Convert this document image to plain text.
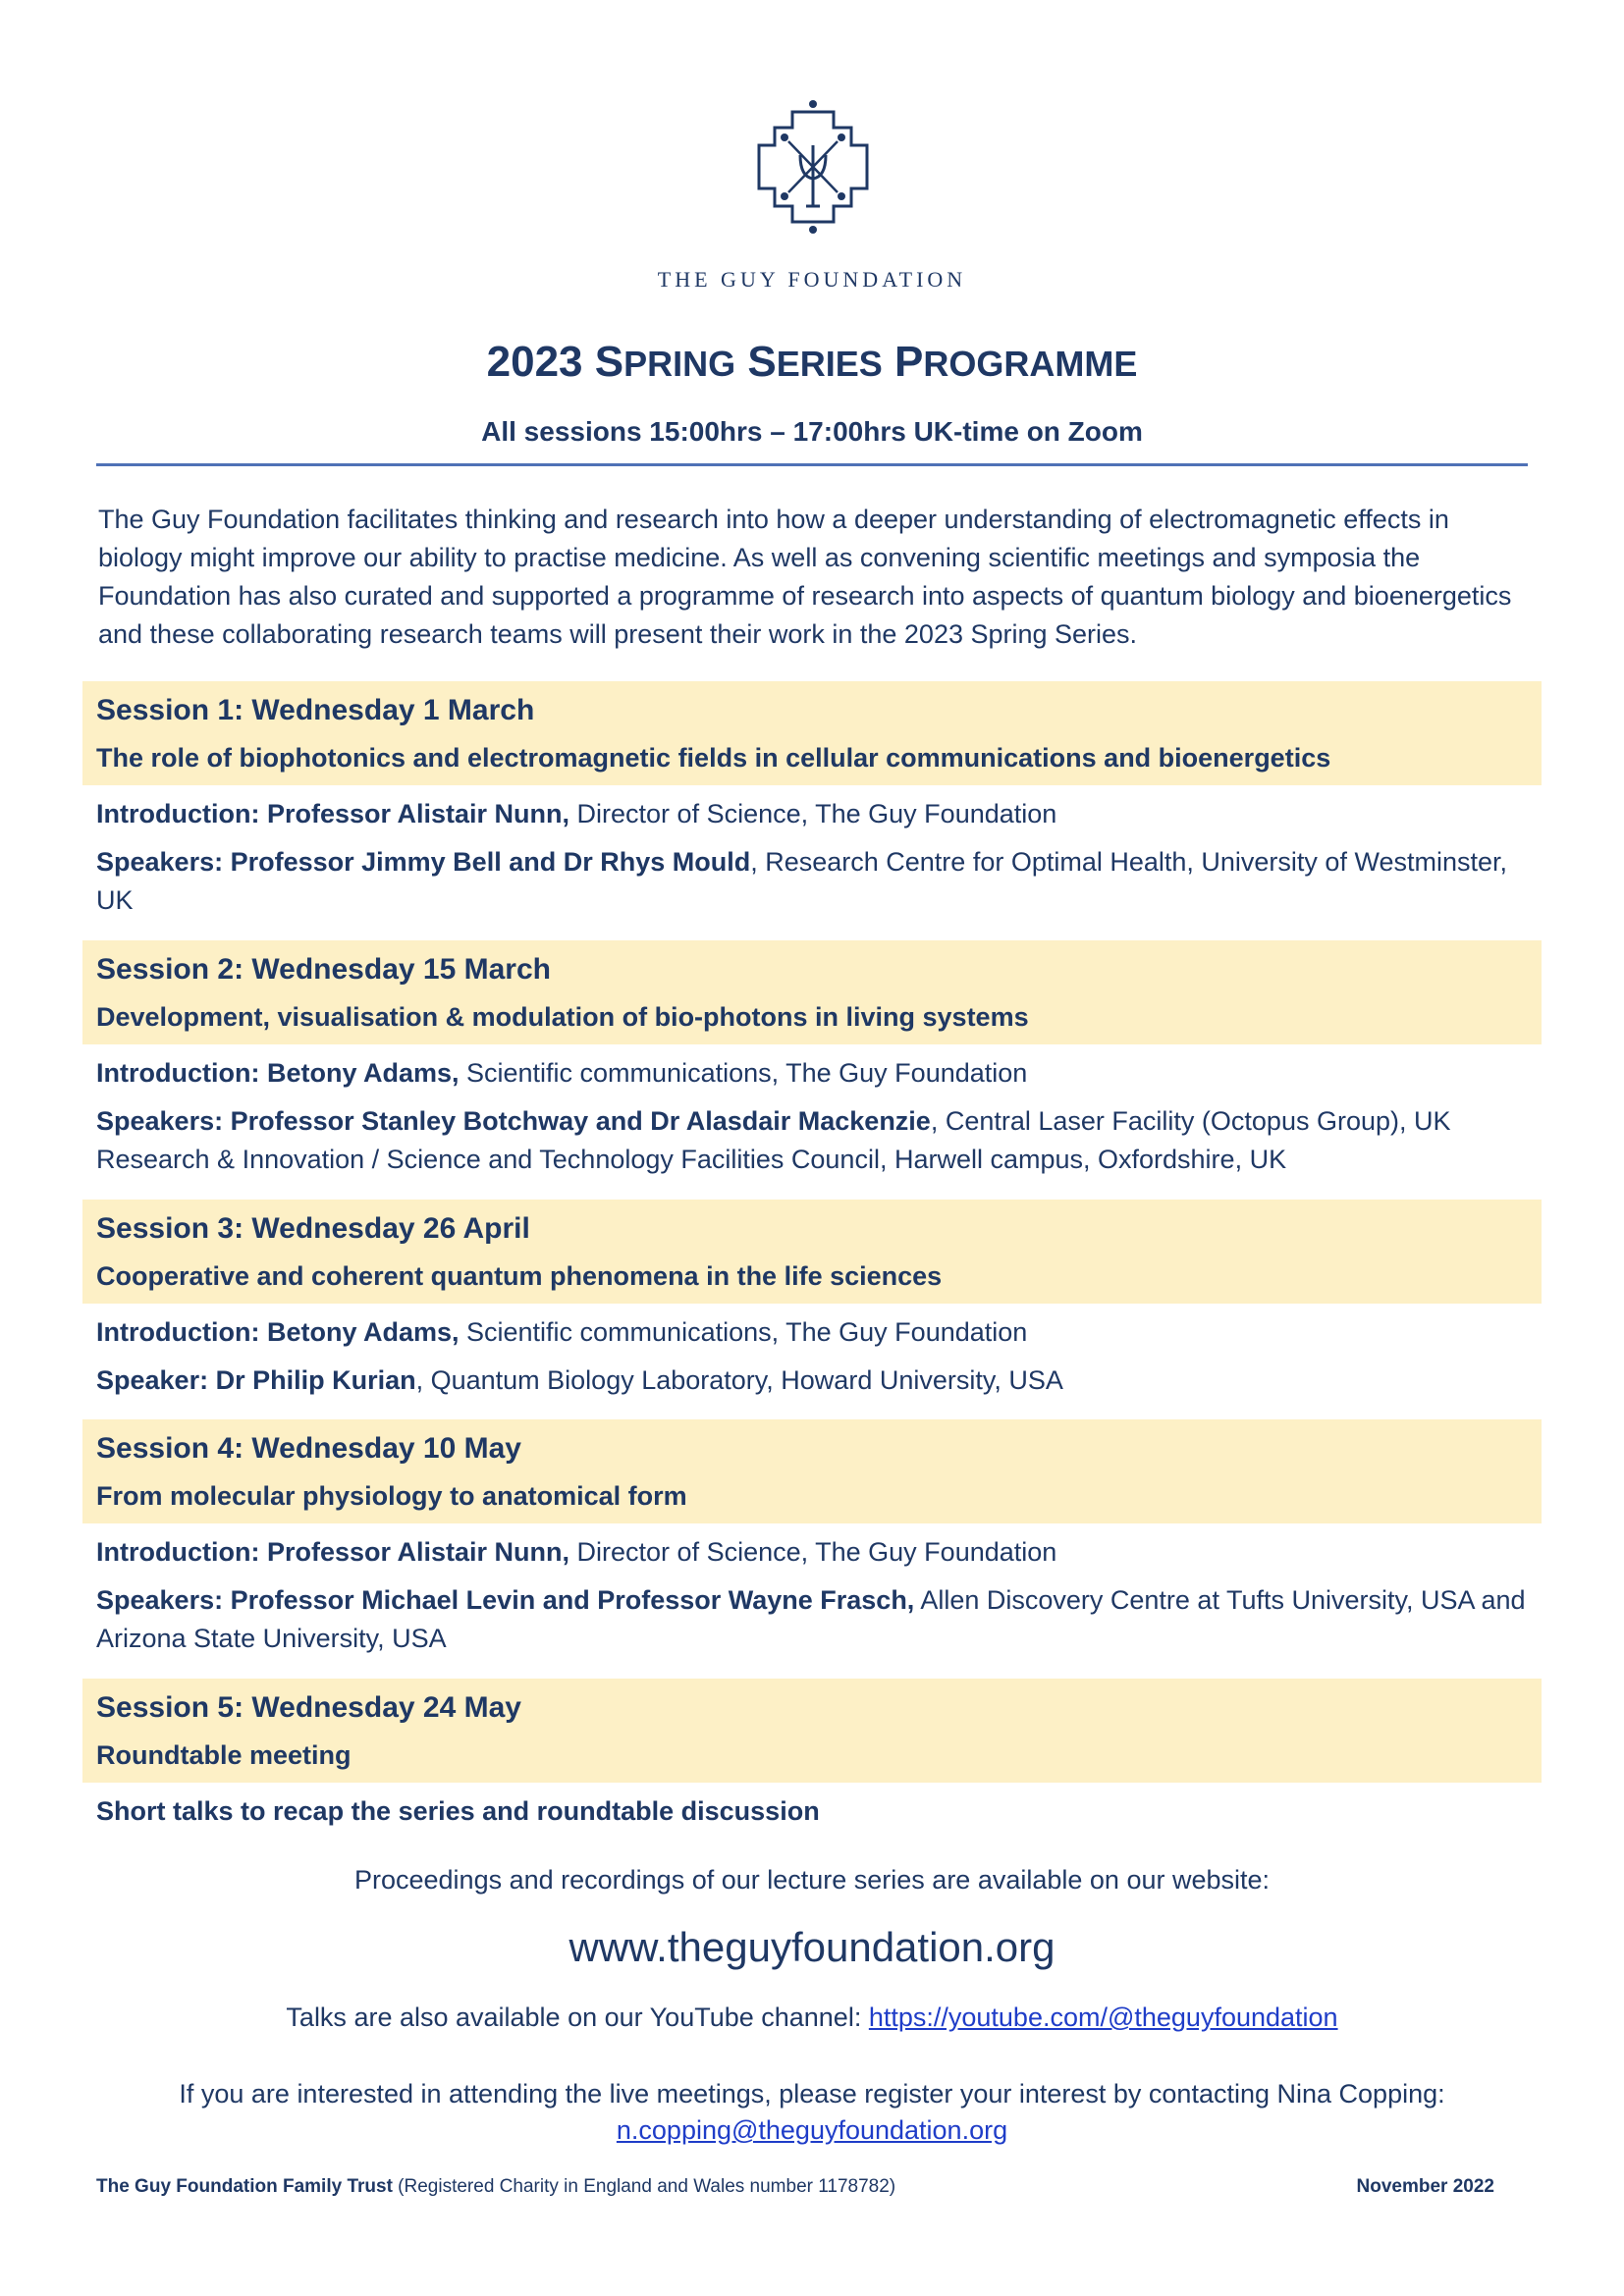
THE GUY FOUNDATION
2023 SPRING SERIES PROGRAMME
All sessions 15:00hrs – 17:00hrs UK-time on Zoom
The Guy Foundation facilitates thinking and research into how a deeper understanding of electromagnetic effects in biology might improve our ability to practise medicine. As well as convening scientific meetings and symposia the Foundation has also curated and supported a programme of research into aspects of quantum biology and bioenergetics and these collaborating research teams will present their work in the 2023 Spring Series.
Session 1: Wednesday 1 March
The role of biophotonics and electromagnetic fields in cellular communications and bioenergetics
Introduction: Professor Alistair Nunn, Director of Science, The Guy Foundation
Speakers: Professor Jimmy Bell and Dr Rhys Mould, Research Centre for Optimal Health, University of Westminster, UK
Session 2: Wednesday 15 March
Development, visualisation & modulation of bio-photons in living systems
Introduction: Betony Adams, Scientific communications, The Guy Foundation
Speakers: Professor Stanley Botchway and Dr Alasdair Mackenzie, Central Laser Facility (Octopus Group), UK Research & Innovation / Science and Technology Facilities Council, Harwell campus, Oxfordshire, UK
Session 3: Wednesday 26 April
Cooperative and coherent quantum phenomena in the life sciences
Introduction: Betony Adams, Scientific communications, The Guy Foundation
Speaker: Dr Philip Kurian, Quantum Biology Laboratory, Howard University, USA
Session 4: Wednesday 10 May
From molecular physiology to anatomical form
Introduction: Professor Alistair Nunn, Director of Science, The Guy Foundation
Speakers: Professor Michael Levin and Professor Wayne Frasch, Allen Discovery Centre at Tufts University, USA and Arizona State University, USA
Session 5: Wednesday 24 May
Roundtable meeting
Short talks to recap the series and roundtable discussion
Proceedings and recordings of our lecture series are available on our website:
www.theguyfoundation.org
Talks are also available on our YouTube channel: https://youtube.com/@theguyfoundation
If you are interested in attending the live meetings, please register your interest by contacting Nina Copping:
n.copping@theguyfoundation.org
The Guy Foundation Family Trust (Registered Charity in England and Wales number 1178782)	November 2022
